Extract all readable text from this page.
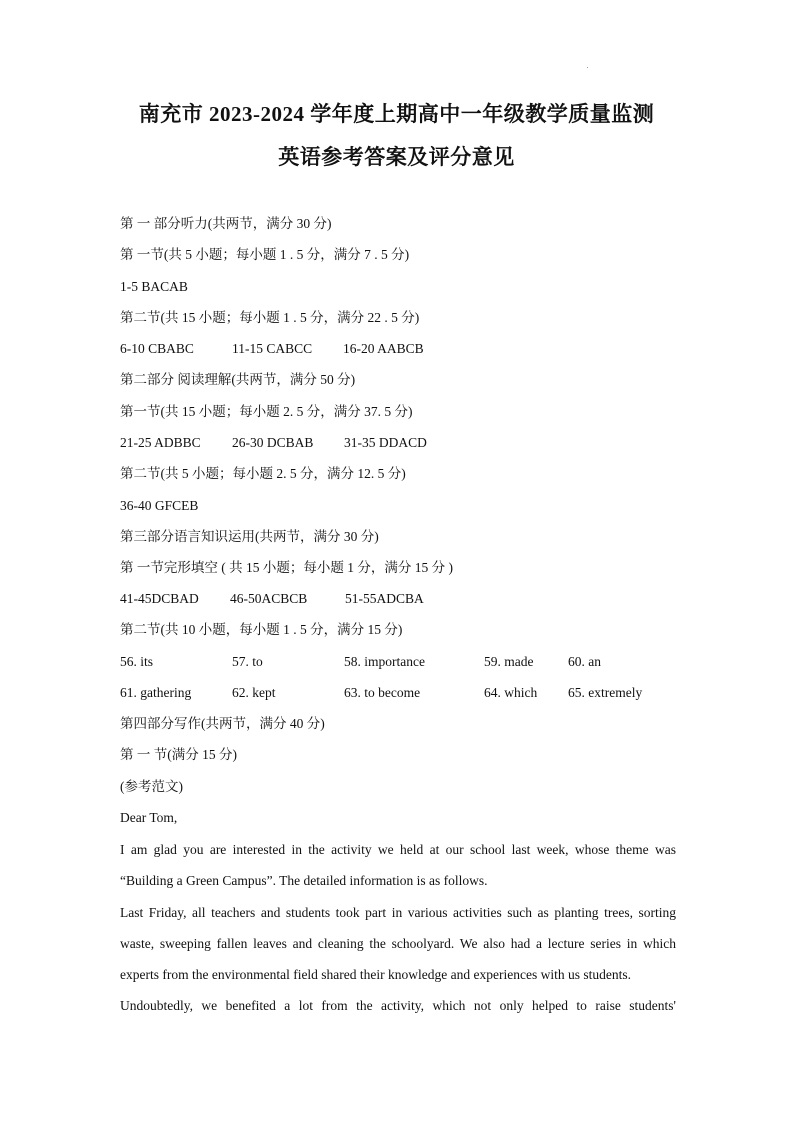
南充市 2023-2024 学年度上期高中一年级教学质量监测
英语参考答案及评分意见
第 一 部分听力(共两节，满分 30 分)
第 一节(共 5 小题；每小题 1 . 5 分，满分 7 . 5 分)
1-5 BACAB
第二节(共 15 小题；每小题 1 . 5 分，满分 22 . 5 分)
6-10 CBABC	11-15 CABCC 16-20 AABCB
第二部分 阅读理解(共两节，满分 50 分)
第一节(共 15 小题；每小题 2. 5 分，满分 37. 5 分)
21-25 ADBBC 26-30 DCBAB 31-35 DDACD
第二节(共 5 小题；每小题 2. 5 分，满分 12. 5 分)
36-40 GFCEB
第三部分语言知识运用(共两节，满分 30 分)
第 一节完形填空 ( 共 15 小题；每小题 1 分，满分 15 分 )
41-45DCBAD 46-50ACBCB	51-55ADCBA
第二节(共 10 小题，每小题 1 . 5 分，满分 15 分)
56. its	57. to	58. importance	59. made	60. an
61. gathering	62. kept	63. to become	64. which 65. extremely
第四部分写作(共两节，满分 40 分)
第 一 节(满分 15 分)
(参考范文)
Dear Tom,
I am glad you are interested in the activity we held at our school last week, whose theme was
“Building a Green Campus”. The detailed information is as follows.
Last Friday, all teachers and students took part in various activities such as planting trees, sorting
waste, sweeping fallen leaves and cleaning the schoolyard. We also had a lecture series in which
experts from the environmental field shared their knowledge and experiences with us students.
Undoubtedly, we benefited a lot from the activity, which not only helped to raise students'
